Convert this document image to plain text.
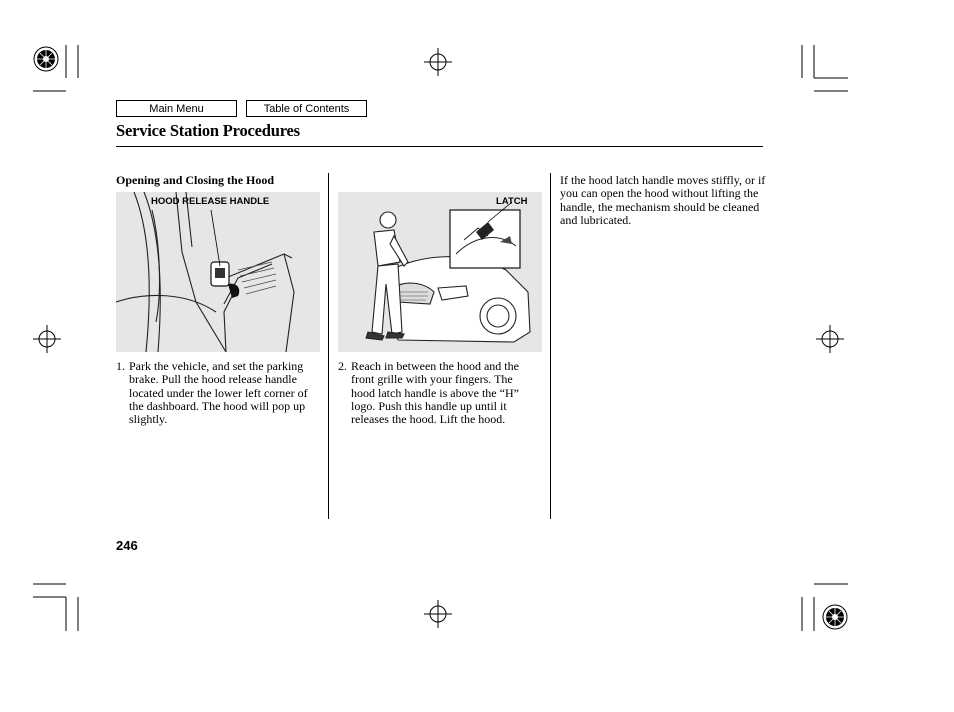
Main Menu	Table of Contents
Service Station Procedures
Opening and Closing the Hood
HOOD RELEASE HANDLE	LATCH
1. Park the vehicle, and set the parking brake. Pull the hood release handle located under the lower left corner of the dashboard. The hood will pop up slightly.
2. Reach in between the hood and the front grille with your fingers. The hood latch handle is above the “H” logo. Push this handle up until it releases the hood. Lift the hood.

If the hood latch handle moves stiffly, or if you can open the hood without lifting the handle, the mechanism should be cleaned and lubricated.

246
